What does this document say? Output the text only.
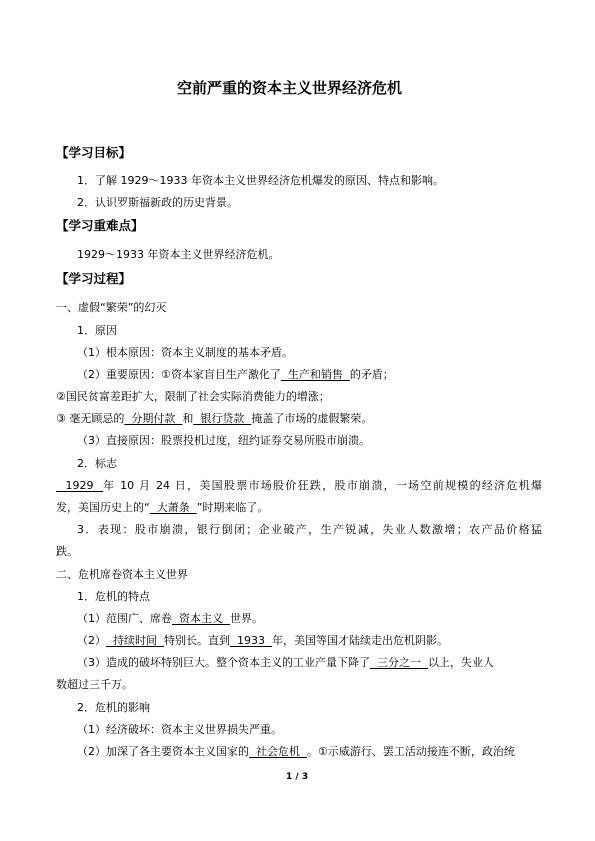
空前严重的资本主义世界经济危机
【学习目标】
1．了解 1929～1933 年资本主义世界经济危机爆发的原因、特点和影响。
2．认识罗斯福新政的历史背景。
【学习重难点】
1929～1933 年资本主义世界经济危机。
【学习过程】
一、虚假“繁荣”的幻灭
1．原因
（1）根本原因：资本主义制度的基本矛盾。
（2）重要原因：①资本家盲目生产激化了  生产和销售  的矛盾；
②国民贫富差距扩大，限制了社会实际消费能力的增涨；
③ 毫无顾忌的  分期付款  和  银行贷款  掩盖了市场的虚假繁荣。
（3）直接原因：股票投机过度，纽约证券交易所股市崩溃。
2．标志
1929  年 10 月 24 日，美国股票市场股价狂跌，股市崩溃，一场空前规模的经济危机爆
发，美国历史上的“  大萧条  ”时期来临了。
3．表现：股市崩溃，银行倒闭；企业破产，生产锐减，失业人数激增；农产品价格猛
跌。
二、危机席卷资本主义世界
1．危机的特点
（1）范围广、席卷  资本主义  世界。
（2）  持续时间  特别长。直到  1933  年，美国等国才陆续走出危机阴影。
（3）造成的破坏特别巨大。整个资本主义的工业产量下降了  三分之一  以上，失业人
数超过三千万。
2．危机的影响
（1）经济破坏：资本主义世界损失严重。
（2）加深了各主要资本主义国家的  社会危机  。①示威游行、罢工活动接连不断，政治统
1 / 3
